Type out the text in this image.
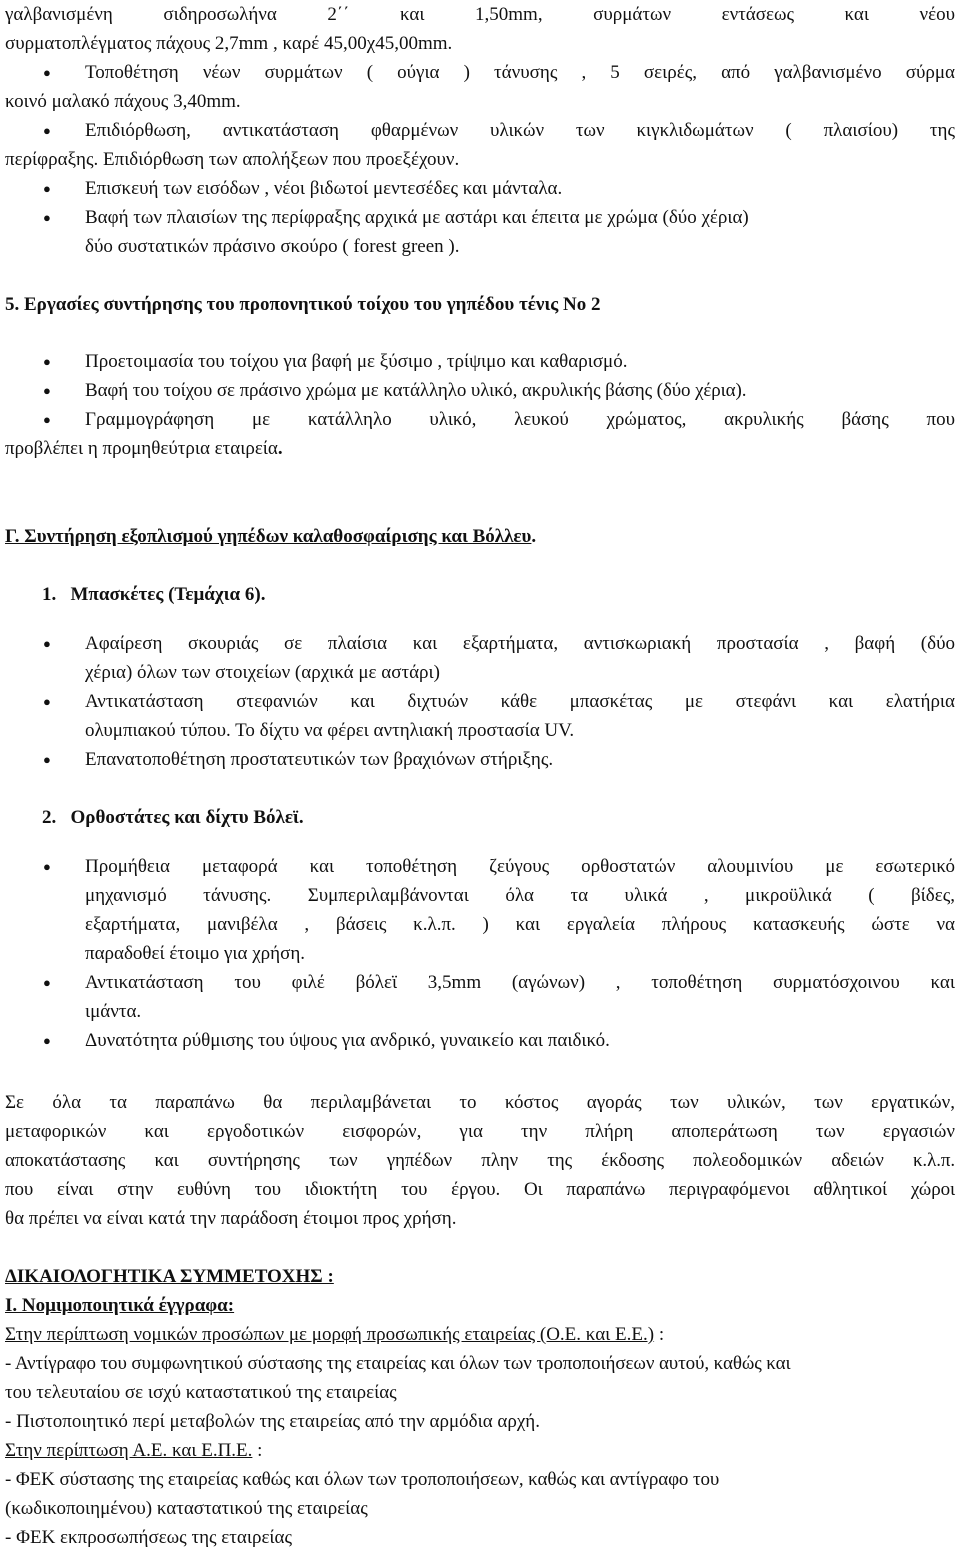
γαλβανισμένη σιδηροσωλήνα 2΄΄ και 1,50mm, συρμάτων εντάσεως και νέου
συρματοπλέγματος πάχους 2,7mm , καρέ 45,00χ45,00mm.
● Τοποθέτηση νέων συρμάτων ( ούγια ) τάνυσης , 5 σειρές, από γαλβανισμένο σύρμα
κοινό μαλακό πάχους 3,40mm.
● Επιδιόρθωση, αντικατάσταση φθαρμένων υλικών των κιγκλιδωμάτων ( πλαισίου) της
περίφραξης. Επιδιόρθωση των απολήξεων που προεξέχουν.
● Επισκευή των εισόδων , νέοι βιδωτοί μεντεσέδες και μάνταλα.
● Βαφή των πλαισίων της περίφραξης αρχικά με αστάρι και έπειτα με χρώμα (δύο χέρια)
δύο συστατικών πράσινο σκούρο ( forest green ).
5. Εργασίες συντήρησης του προπονητικού τοίχου του γηπέδου τένις Νο 2
● Προετοιμασία του τοίχου για βαφή με ξύσιμο , τρίψιμο και καθαρισμό.
● Βαφή του τοίχου σε πράσινο χρώμα με κατάλληλο υλικό, ακρυλικής βάσης (δύο χέρια).
● Γραμμογράφηση με κατάλληλο υλικό, λευκού χρώματος, ακρυλικής βάσης που
προβλέπει η προμηθεύτρια εταιρεία.
Γ. Συντήρηση εξοπλισμού γηπέδων καλαθοσφαίρισης και Βόλλευ.
1. Μπασκέτες (Τεμάχια 6).
● Αφαίρεση σκουριάς σε πλαίσια και εξαρτήματα, αντισκωριακή προστασία , βαφή (δύο
χέρια) όλων των στοιχείων (αρχικά με αστάρι)
● Αντικατάσταση στεφανιών και διχτυών κάθε μπασκέτας με στεφάνι και ελατήρια
ολυμπιακού τύπου. Το δίχτυ να φέρει αντηλιακή προστασία UV.
● Επανατοποθέτηση προστατευτικών των βραχιόνων στήριξης.
2. Ορθοστάτες και δίχτυ Βόλεϊ.
● Προμήθεια μεταφορά και τοποθέτηση ζεύγους ορθοστατών αλουμινίου με εσωτερικό
μηχανισμό τάνυσης. Συμπεριλαμβάνονται όλα τα υλικά , μικροϋλικά ( βίδες,
εξαρτήματα, μανιβέλα , βάσεις κ.λ.π. ) και εργαλεία πλήρους κατασκευής ώστε να
παραδοθεί έτοιμο για χρήση.
● Αντικατάσταση του φιλέ βόλεϊ 3,5mm (αγώνων) , τοποθέτηση συρματόσχοινου και
ιμάντα.
● Δυνατότητα ρύθμισης του ύψους για ανδρικό, γυναικείο και παιδικό.
Σε όλα τα παραπάνω θα περιλαμβάνεται το κόστος αγοράς των υλικών, των εργατικών,
μεταφορικών και εργοδοτικών εισφορών, για την πλήρη αποπεράτωση των εργασιών
αποκατάστασης και συντήρησης των γηπέδων πλην της έκδοσης πολεοδομικών αδειών κ.λ.π.
που είναι στην ευθύνη του ιδιοκτήτη του έργου. Οι παραπάνω περιγραφόμενοι αθλητικοί χώροι
θα πρέπει να είναι κατά την παράδοση έτοιμοι προς χρήση.
ΔΙΚΑΙΟΛΟΓΗΤΙΚΑ ΣΥΜΜΕΤΟΧΗΣ :
Ι. Νομιμοποιητικά έγγραφα:
Στην περίπτωση νομικών προσώπων με μορφή προσωπικής εταιρείας (Ο.Ε. και Ε.Ε.) :
- Αντίγραφο του συμφωνητικού σύστασης της εταιρείας και όλων των τροποποιήσεων αυτού, καθώς και
του τελευταίου σε ισχύ καταστατικού της εταιρείας
- Πιστοποιητικό περί μεταβολών της εταιρείας από την αρμόδια αρχή.
Στην περίπτωση Α.Ε. και Ε.Π.Ε. :
- ΦΕΚ σύστασης της εταιρείας καθώς και όλων των τροποποιήσεων, καθώς και αντίγραφο του
(κωδικοποιημένου) καταστατικού της εταιρείας
- ΦΕΚ εκπροσωπήσεως της εταιρείας
